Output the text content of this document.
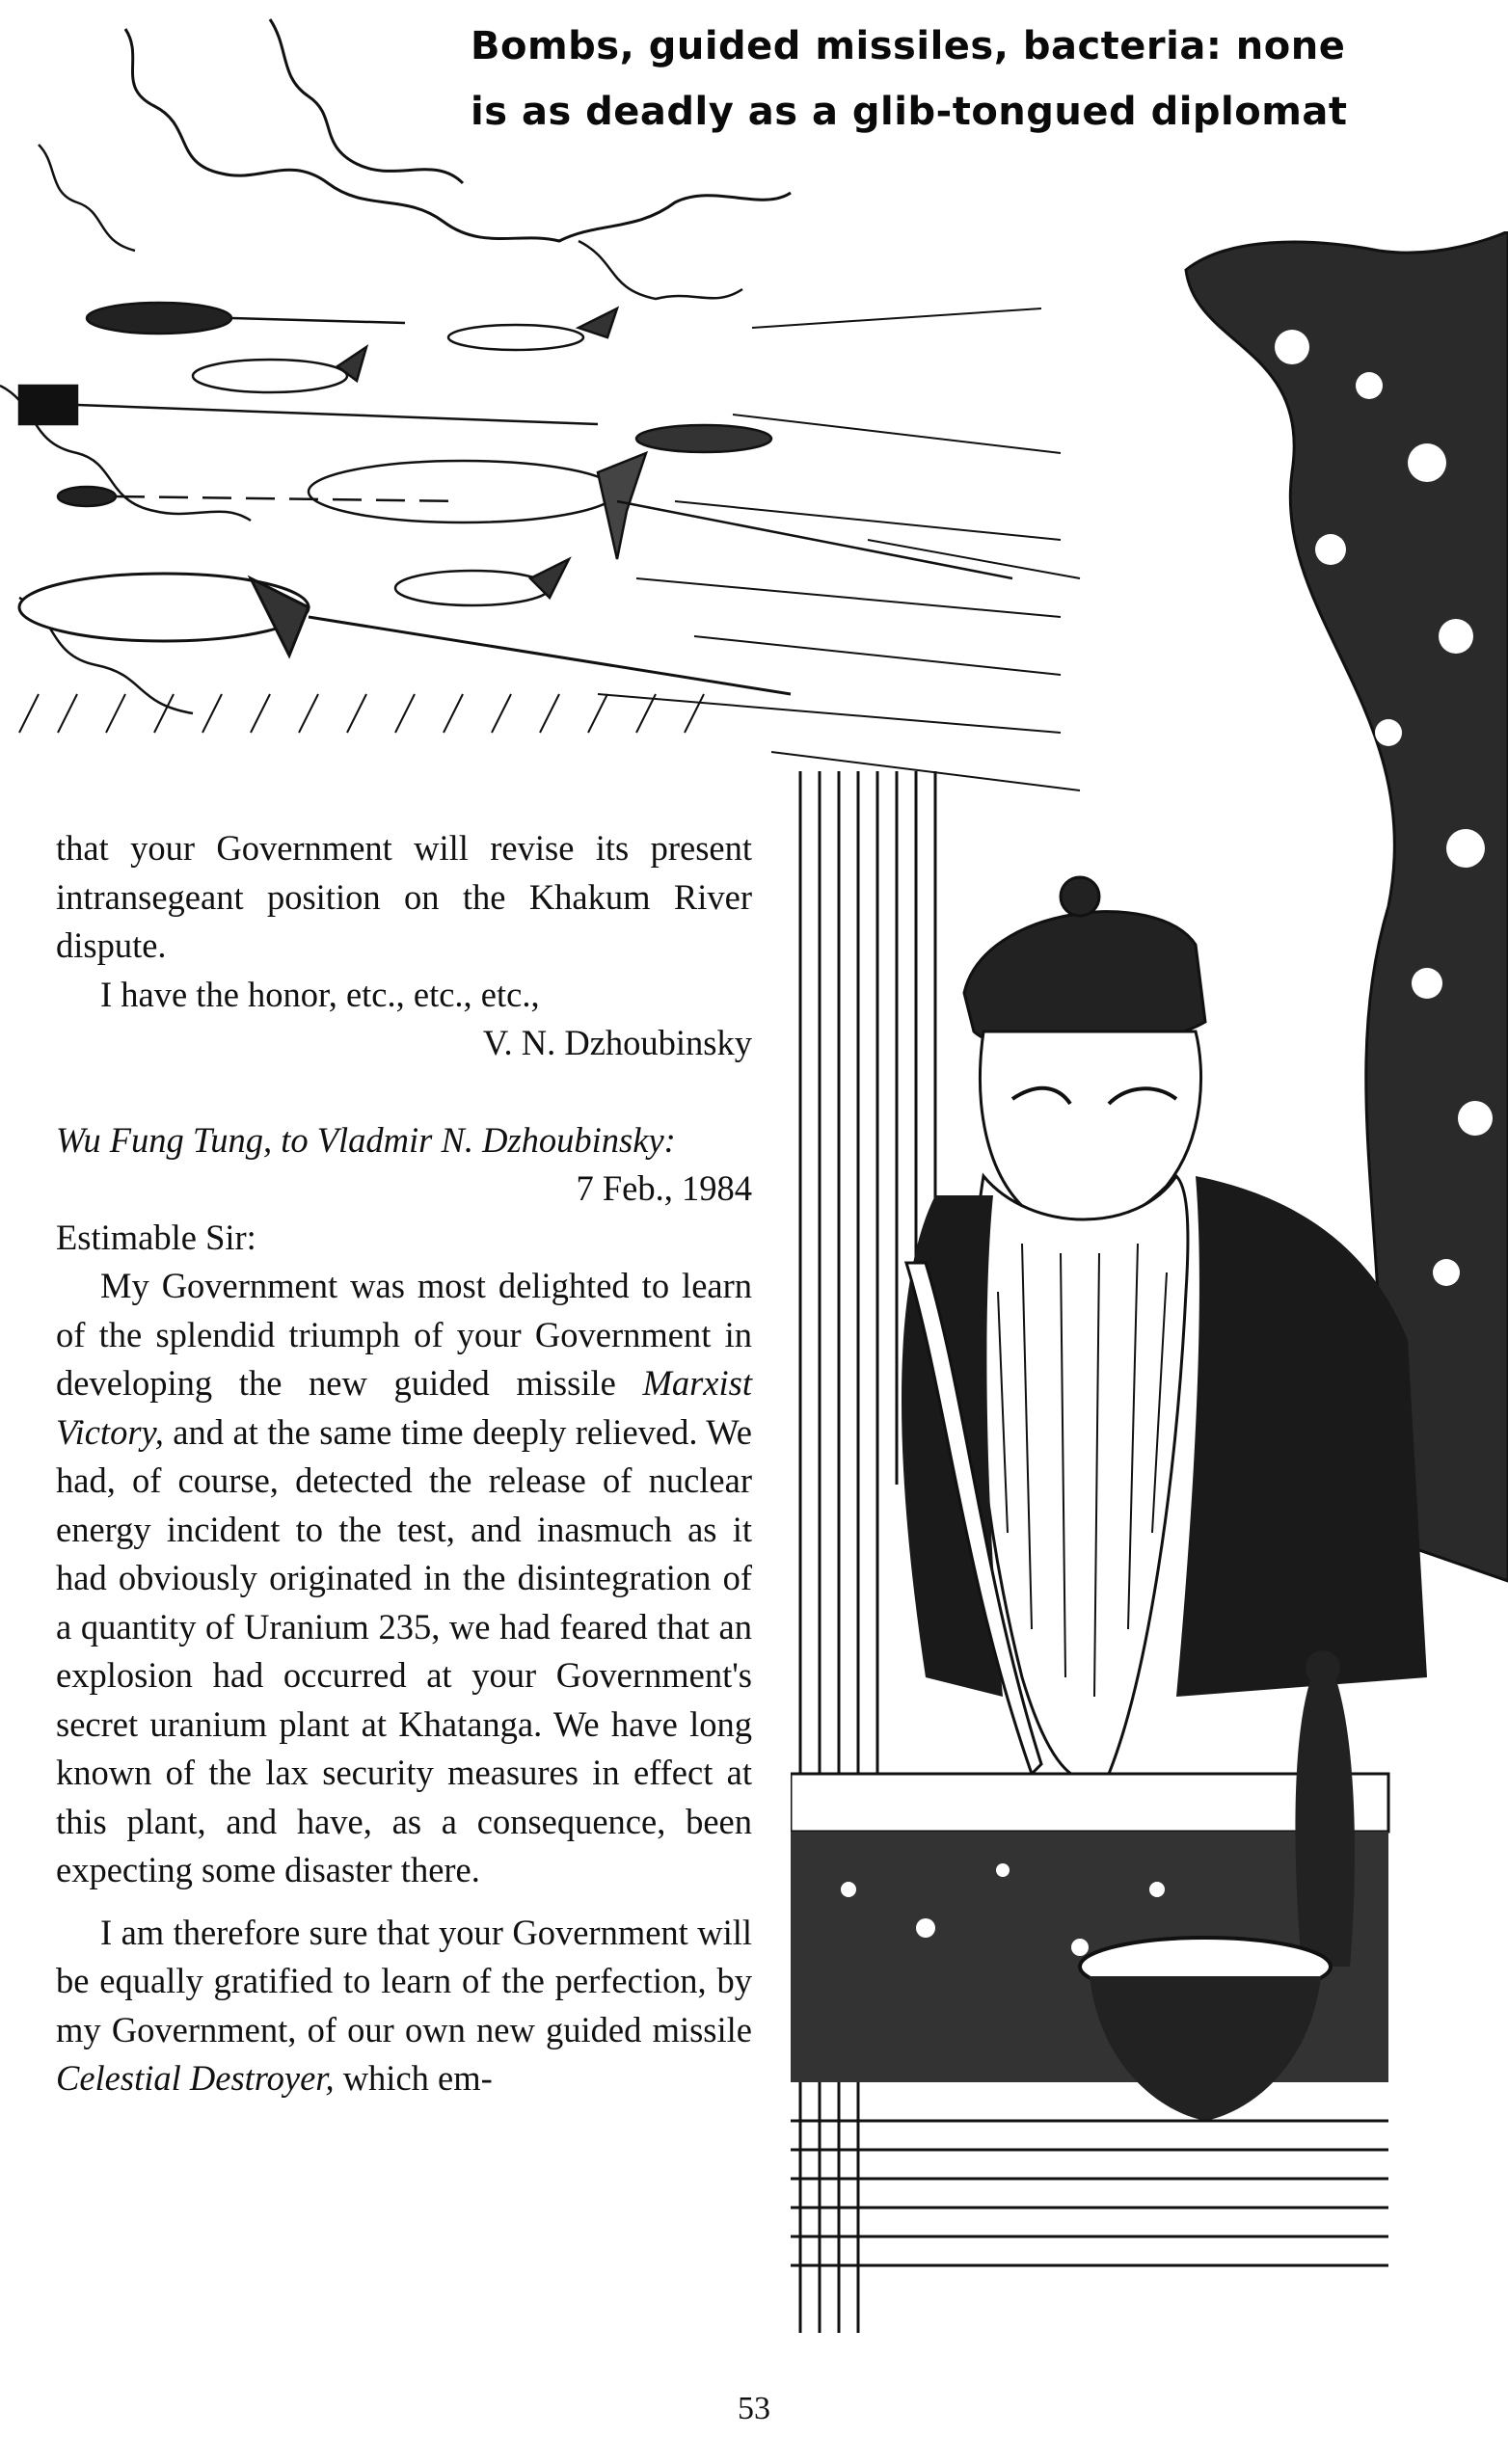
Bombs, guided missiles, bacteria: none
is as deadly as a glib-tongued diplomat

that your Government will revise its present intransegeant position on the Khakum River dispute.

I have the honor, etc., etc., etc.,

V. N. Dzhoubinsky

Wu Fung Tung, to Vladmir N. Dzhoubinsky:

7 Feb., 1984

Estimable Sir:

My Government was most delighted to learn of the splendid triumph of your Government in developing the new guided missile Marxist Victory, and at the same time deeply relieved. We had, of course, detected the release of nuclear energy incident to the test, and inasmuch as it had obviously originated in the disintegration of a quantity of Uranium 235, we had feared that an explosion had occurred at your Government's secret uranium plant at Khatanga. We have long known of the lax security measures in effect at this plant, and have, as a consequence, been expecting some disaster there.

I am therefore sure that your Government will be equally gratified to learn of the perfection, by my Government, of our own new guided missile Celestial Destroyer, which em-

53
